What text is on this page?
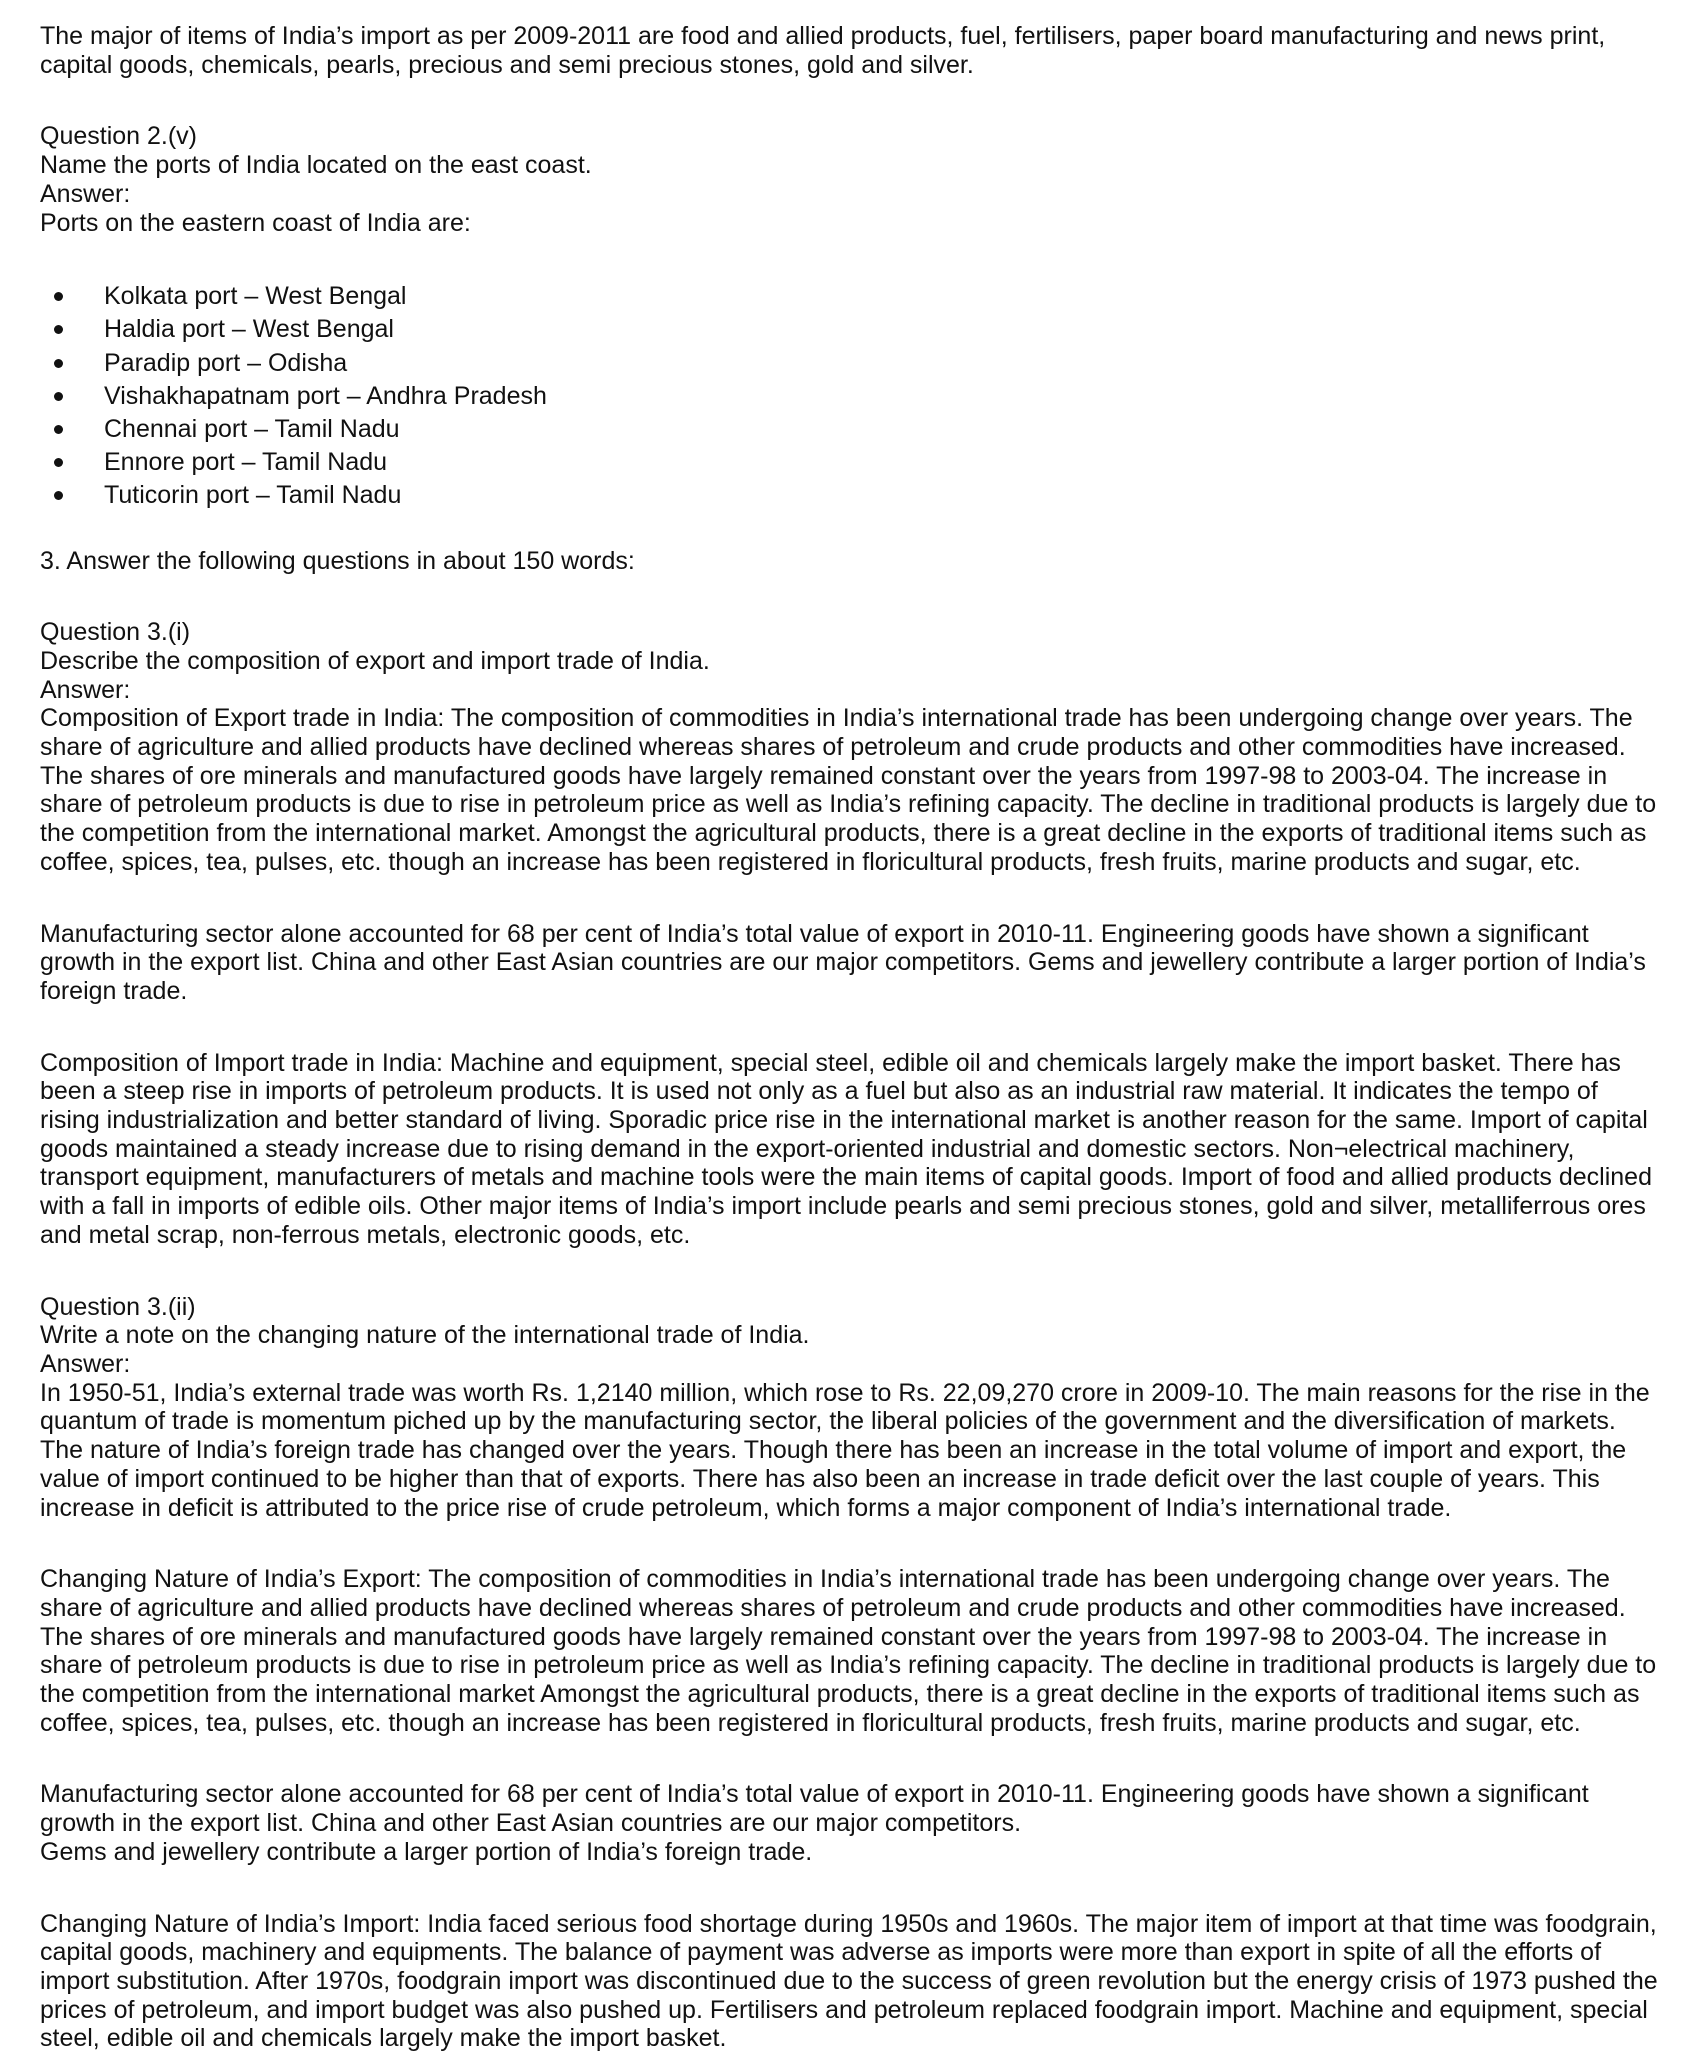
The major of items of India’s import as per 2009-2011 are food and allied products, fuel, fertilisers, paper board manufacturing and news print,

capital goods, chemicals, pearls, precious and semi precious stones, gold and silver.

Question 2.(v)

Name the ports of India located on the east coast.

Answer:

Ports on the eastern coast of India are:

Kolkata port – West Bengal
Haldia port – West Bengal
Paradip port – Odisha
Vishakhapatnam port – Andhra Pradesh
Chennai port – Tamil Nadu
Ennore port – Tamil Nadu
Tuticorin port – Tamil Nadu

3. Answer the following questions in about 150 words:

Question 3.(i)

Describe the composition of export and import trade of India.

Answer:

Composition of Export trade in India: The composition of commodities in India’s international trade has been undergoing change over years. The

share of agriculture and allied products have declined whereas shares of petroleum and crude products and other commodities have increased.

The shares of ore minerals and manufactured goods have largely remained constant over the years from 1997-98 to 2003-04. The increase in

share of petroleum products is due to rise in petroleum price as well as India’s refining capacity. The decline in traditional products is largely due to

the competition from the international market. Amongst the agricultural products, there is a great decline in the exports of traditional items such as

coffee, spices, tea, pulses, etc. though an increase has been registered in floricultural products, fresh fruits, marine products and sugar, etc.

Manufacturing sector alone accounted for 68 per cent of India’s total value of export in 2010-11. Engineering goods have shown a significant

growth in the export list. China and other East Asian countries are our major competitors. Gems and jewellery contribute a larger portion of India’s

foreign trade.

Composition of Import trade in India: Machine and equipment, special steel, edible oil and chemicals largely make the import basket. There has

been a steep rise in imports of petroleum products. It is used not only as a fuel but also as an industrial raw material. It indicates the tempo of

rising industrialization and better standard of living. Sporadic price rise in the international market is another reason for the same. Import of capital

goods maintained a steady increase due to rising demand in the export-oriented industrial and domestic sectors. Non¬electrical machinery,

transport equipment, manufacturers of metals and machine tools were the main items of capital goods. Import of food and allied products declined

with a fall in imports of edible oils. Other major items of India’s import include pearls and semi precious stones, gold and silver, metalliferrous ores

and metal scrap, non-ferrous metals, electronic goods, etc.

Question 3.(ii)

Write a note on the changing nature of the international trade of India.

Answer:

In 1950-51, India’s external trade was worth Rs. 1,2140 million, which rose to Rs. 22,09,270 crore in 2009-10. The main reasons for the rise in the

quantum of trade is momentum piched up by the manufacturing sector, the liberal policies of the government and the diversification of markets.

The nature of India’s foreign trade has changed over the years. Though there has been an increase in the total volume of import and export, the

value of import continued to be higher than that of exports. There has also been an increase in trade deficit over the last couple of years. This

increase in deficit is attributed to the price rise of crude petroleum, which forms a major component of India’s international trade.

Changing Nature of India’s Export: The composition of commodities in India’s international trade has been undergoing change over years. The

share of agriculture and allied products have declined whereas shares of petroleum and crude products and other commodities have increased.

The shares of ore minerals and manufactured goods have largely remained constant over the years from 1997-98 to 2003-04. The increase in

share of petroleum products is due to rise in petroleum price as well as India’s refining capacity. The decline in traditional products is largely due to

the competition from the international market Amongst the agricultural products, there is a great decline in the exports of traditional items such as

coffee, spices, tea, pulses, etc. though an increase has been registered in floricultural products, fresh fruits, marine products and sugar, etc.

Manufacturing sector alone accounted for 68 per cent of India’s total value of export in 2010-11. Engineering goods have shown a significant

growth in the export list. China and other East Asian countries are our major competitors.

Gems and jewellery contribute a larger portion of India’s foreign trade.

Changing Nature of India’s Import: India faced serious food shortage during 1950s and 1960s. The major item of import at that time was foodgrain,

capital goods, machinery and equipments. The balance of payment was adverse as imports were more than export in spite of all the efforts of

import substitution. After 1970s, foodgrain import was discontinued due to the success of green revolution but the energy crisis of 1973 pushed the

prices of petroleum, and import budget was also pushed up. Fertilisers and petroleum replaced foodgrain import. Machine and equipment, special

steel, edible oil and chemicals largely make the import basket.
